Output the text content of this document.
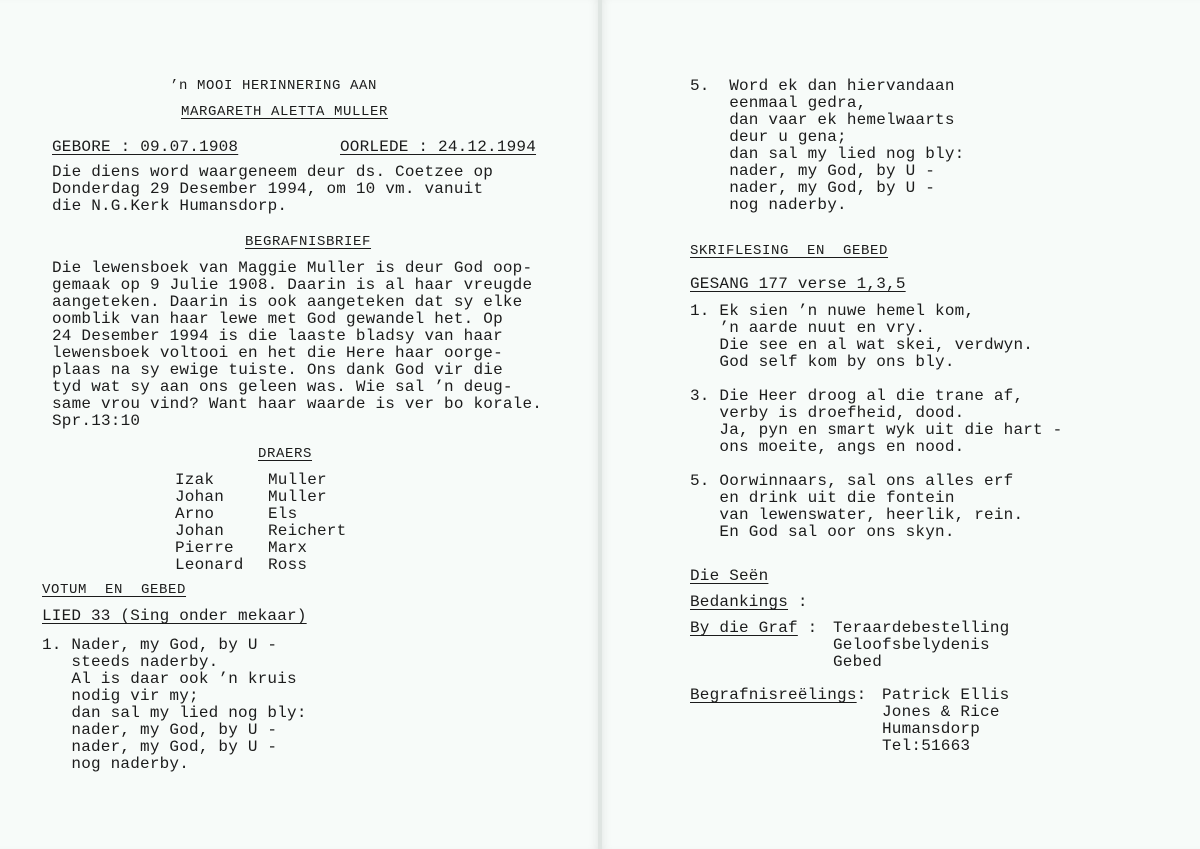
’n MOOI HERINNERING AAN
MARGARETH ALETTA MULLER
GEBORE : 09.07.1908	OORLEDE : 24.12.1994
Die diens word waargeneem deur ds. Coetzee op
Donderdag 29 Desember 1994, om 10 vm. vanuit
die N.G.Kerk Humansdorp.
BEGRAFNISBRIEF
Die lewensboek van Maggie Muller is deur God oop-
gemaak op 9 Julie 1908. Daarin is al haar vreugde
aangeteken. Daarin is ook aangeteken dat sy elke
oomblik van haar lewe met God gewandel het. Op
24 Desember 1994 is die laaste bladsy van haar
lewensboek voltooi en het die Here haar oorge-
plaas na sy ewige tuiste. Ons dank God vir die
tyd wat sy aan ons geleen was. Wie sal ’n deug-
same vrou vind? Want haar waarde is ver bo korale.
Spr.13:10
DRAERS
Izak
Johan
Arno
Johan
Pierre
Leonard
Muller
Muller
Els
Reichert
Marx
Ross
VOTUM  EN  GEBED
LIED 33 (Sing onder mekaar)
1. Nader, my God, by U -
steeds naderby.
Al is daar ook ’n kruis
nodig vir my;
dan sal my lied nog bly:
nader, my God, by U -
nader, my God, by U -
nog naderby.
5.  Word ek dan hiervandaan
eenmaal gedra,
dan vaar ek hemelwaarts
deur u gena;
dan sal my lied nog bly:
nader, my God, by U -
nader, my God, by U -
nog naderby.
SKRIFLESING  EN  GEBED
GESANG 177 verse 1,3,5
1. Ek sien ’n nuwe hemel kom,
’n aarde nuut en vry.
Die see en al wat skei, verdwyn.
God self kom by ons bly.
3. Die Heer droog al die trane af,
verby is droefheid, dood.
Ja, pyn en smart wyk uit die hart -
ons moeite, angs en nood.
5. Oorwinnaars, sal ons alles erf
en drink uit die fontein
van lewenswater, heerlik, rein.
En God sal oor ons skyn.
Die Seën
Bedankings :
By die Graf : Teraardebestelling
Geloofsbelydenis
Gebed
Begrafnisreëlings: Patrick Ellis
Jones & Rice
Humansdorp
Tel:51663
